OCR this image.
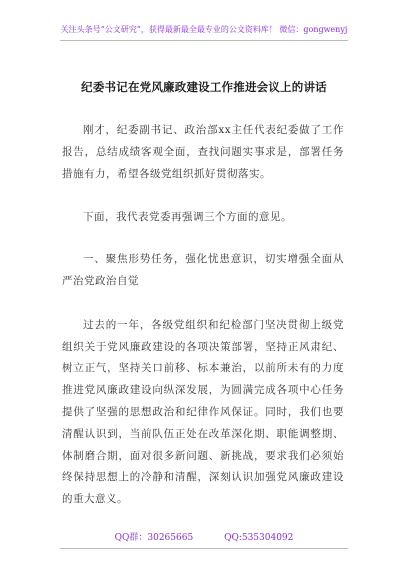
关注头条号“公文研究”，获得最新最全最专业的公文资料库！ 微信：gongwenyj
纪委书记在党风廉政建设工作推进会议上的讲话

刚才，纪委副书记、政治部xx主任代表纪委做了工作报告，总结成绩客观全面，查找问题实事求是，部署任务措施有力，希望各级党组织抓好贯彻落实。

下面，我代表党委再强调三个方面的意见。

一、聚焦形势任务，强化忧患意识，切实增强全面从严治党政治自觉

过去的一年，各级党组织和纪检部门坚决贯彻上级党组织关于党风廉政建设的各项决策部署，坚持正风肃纪、树立正气，坚持关口前移、标本兼治，以前所未有的力度推进党风廉政建设向纵深发展，为圆满完成各项中心任务提供了坚强的思想政治和纪律作风保证。同时，我们也要清醒认识到，当前队伍正处在改革深化期、职能调整期、体制磨合期，面对很多新问题、新挑战，要求我们必须始终保持思想上的冷静和清醒，深刻认识加强党风廉政建设的重大意义。

QQ群：30265665	QQ:535304092
